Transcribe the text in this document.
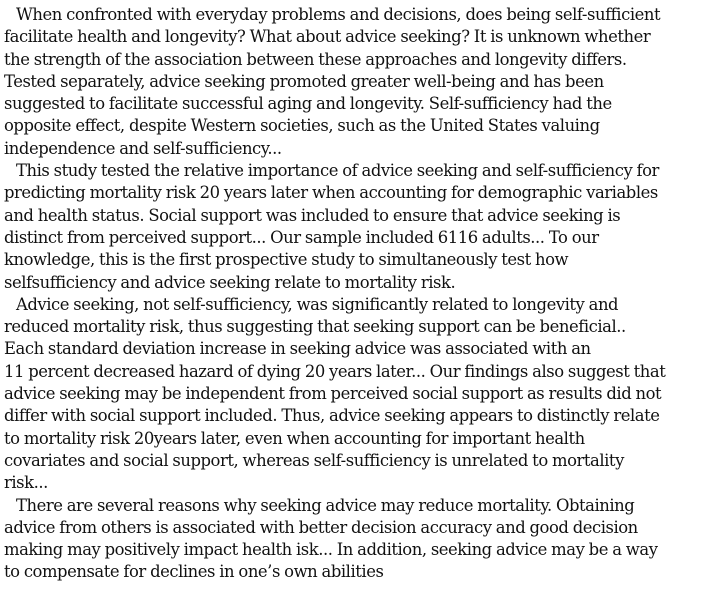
When confronted with everyday problems and decisions, does being self-sufficient
facilitate health and longevity? What about advice seeking? It is unknown whether
the strength of the association between these approaches and longevity differs.
Tested separately, advice seeking promoted greater well-being and has been
suggested to facilitate successful aging and longevity. Self-sufficiency had the
opposite effect, despite Western societies, such as the United States valuing
independence and self-sufficiency...

This study tested the relative importance of advice seeking and self-sufficiency for
predicting mortality risk 20 years later when accounting for demographic variables
and health status. Social support was included to ensure that advice seeking is
distinct from perceived support... Our sample included 6116 adults... To our
knowledge, this is the first prospective study to simultaneously test how
selfsufficiency and advice seeking relate to mortality risk.

Advice seeking, not self-sufficiency, was significantly related to longevity and
reduced mortality risk, thus suggesting that seeking support can be beneficial..
Each standard deviation increase in seeking advice was associated with an
11 percent decreased hazard of dying 20 years later... Our findings also suggest that
advice seeking may be independent from perceived social support as results did not
differ with social support included. Thus, advice seeking appears to distinctly relate
to mortality risk 20years later, even when accounting for important health
covariates and social support, whereas self-sufficiency is unrelated to mortality
risk...

There are several reasons why seeking advice may reduce mortality. Obtaining
advice from others is associated with better decision accuracy and good decision
making may positively impact health isk... In addition, seeking advice may be a way
to compensate for declines in one’s own abilities
